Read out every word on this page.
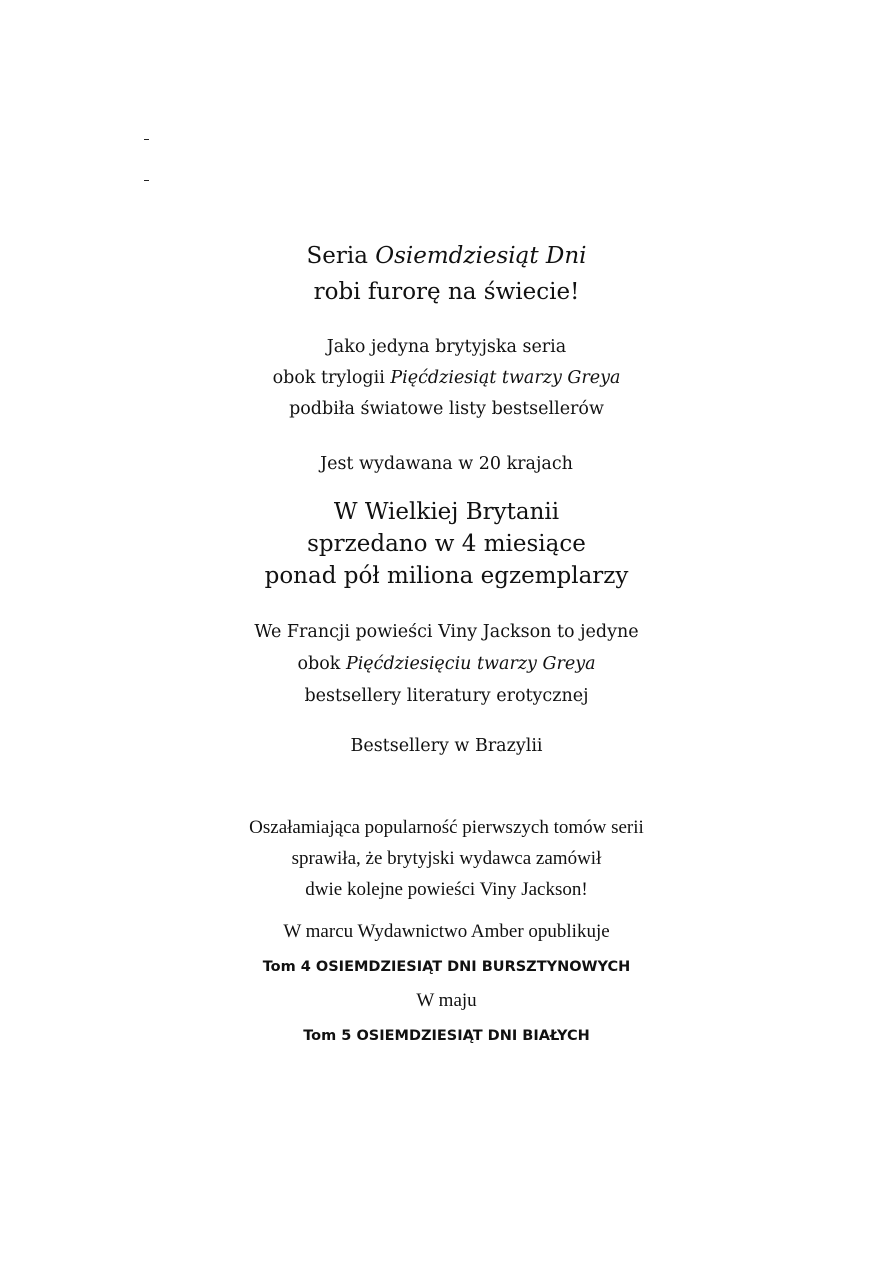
Seria Osiemdziesiąt Dni
robi furorę na świecie!
Jako jedyna brytyjska seria
obok trylogii Pięćdziesiąt twarzy Greya
podbiła światowe listy bestsellerów
Jest wydawana w 20 krajach
W Wielkiej Brytanii
sprzedano w 4 miesiące
ponad pół miliona egzemplarzy
We Francji powieści Viny Jackson to jedyne
obok Pięćdziesięciu twarzy Greya
bestsellery literatury erotycznej
Bestsellery w Brazylii
Oszałamiająca popularność pierwszych tomów serii
sprawiła, że brytyjski wydawca zamówił
dwie kolejne powieści Viny Jackson!
W marcu Wydawnictwo Amber opublikuje
Tom 4 OSIEMDZIESIĄT DNI BURSZTYNOWYCH
W maju
Tom 5 OSIEMDZIESIĄT DNI BIAŁYCH
